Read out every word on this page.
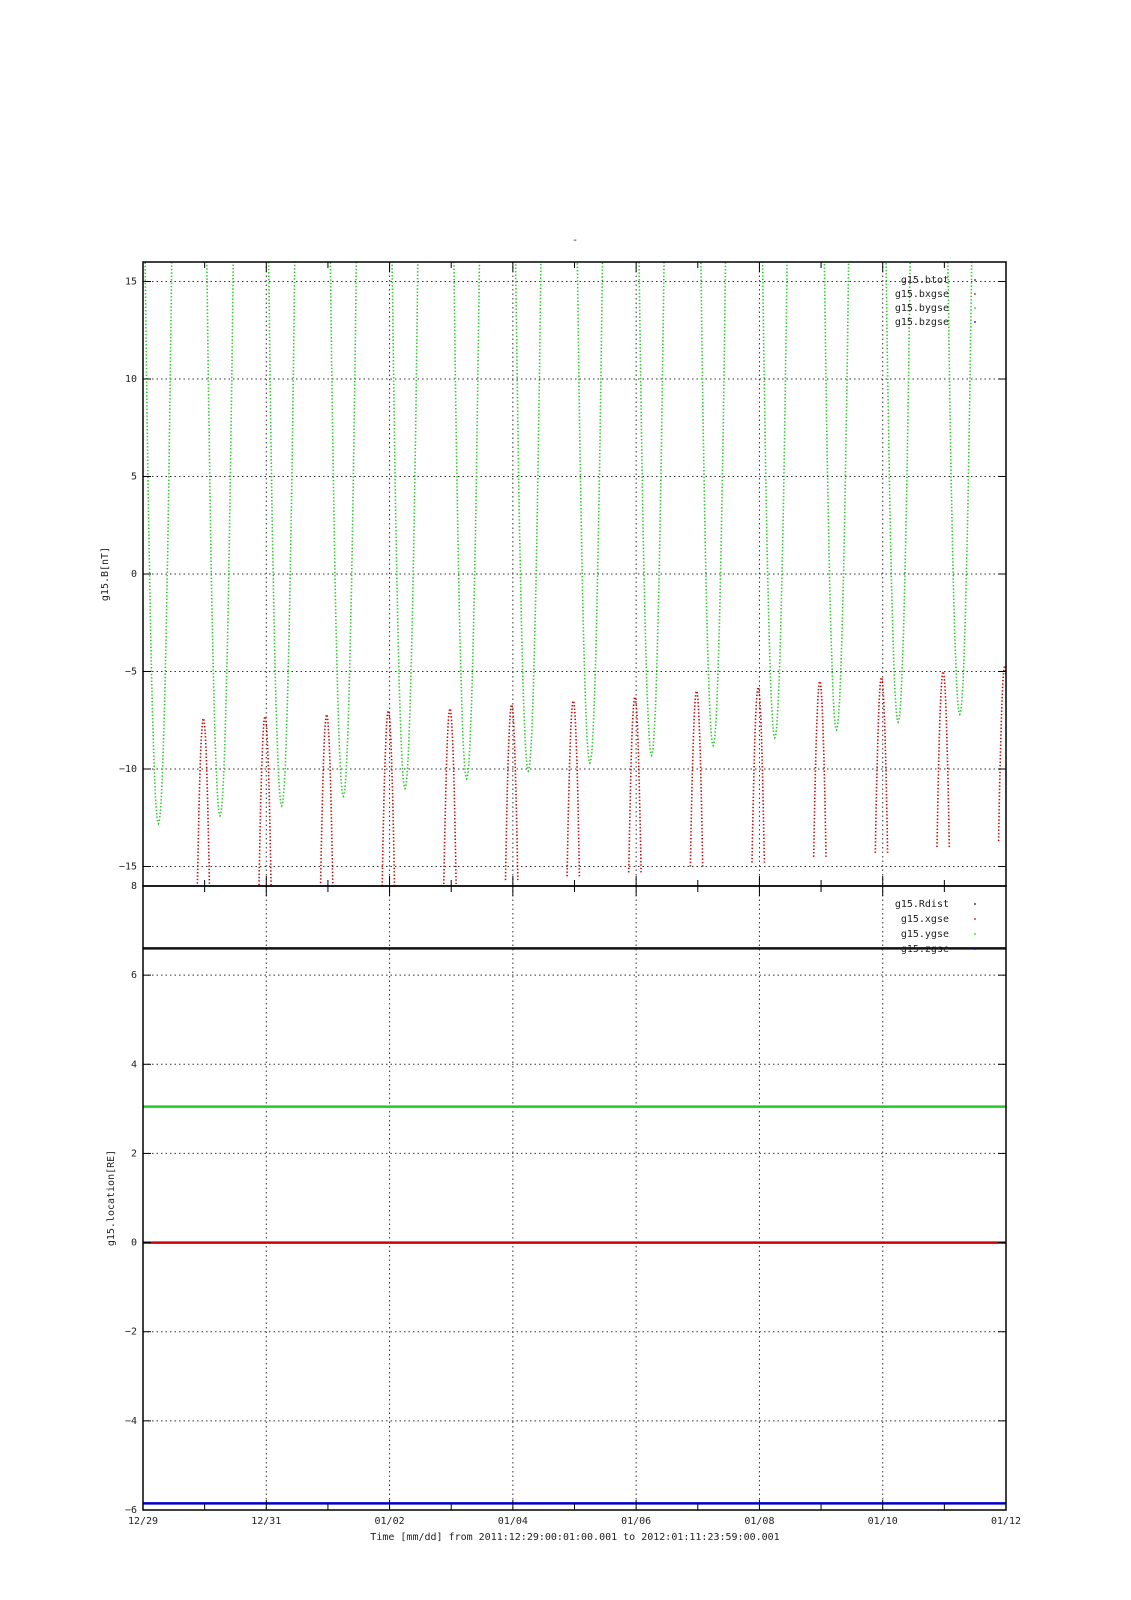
-
−15
−10
−5
0
5
10
15
g15.B[nT]
g15.btot
g15.bxgse
g15.bygse
g15.bzgse
−6
−4
−2
0
2
4
6
8
g15.location[RE]
g15.Rdist
g15.xgse
g15.ygse
g15.zgse
12/29	12/31	01/02	01/04	01/06	01/08	01/10	01/12
Time [mm/dd] from 2011:12:29:00:01:00.001 to 2012:01:11:23:59:00.001
